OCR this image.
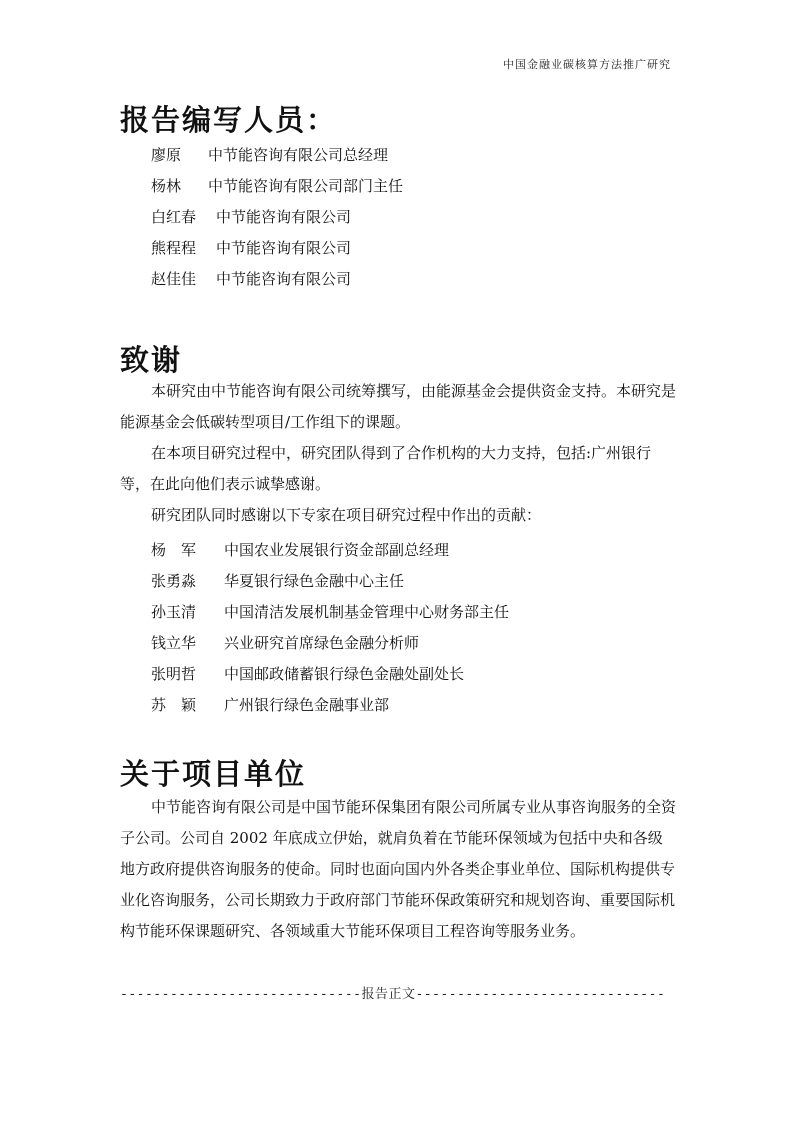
中国金融业碳核算方法推广研究
报告编写人员：
廖原 中节能咨询有限公司总经理
杨林 中节能咨询有限公司部门主任
白红春 中节能咨询有限公司
熊程程 中节能咨询有限公司
赵佳佳 中节能咨询有限公司
致谢

本研究由中节能咨询有限公司统筹撰写，由能源基金会提供资金支持。本研究是能源基金会低碳转型项目/工作组下的课题。

在本项目研究过程中，研究团队得到了合作机构的大力支持，包括:广州银行等，在此向他们表示诚挚感谢。

研究团队同时感谢以下专家在项目研究过程中作出的贡献：

杨　军 中国农业发展银行资金部副总经理
张勇淼 华夏银行绿色金融中心主任
孙玉清 中国清洁发展机制基金管理中心财务部主任
钱立华 兴业研究首席绿色金融分析师
张明哲 中国邮政储蓄银行绿色金融处副处长
苏　颖 广州银行绿色金融事业部
关于项目单位

中节能咨询有限公司是中国节能环保集团有限公司所属专业从事咨询服务的全资子公司。公司自 2002 年底成立伊始，就肩负着在节能环保领域为包括中央和各级地方政府提供咨询服务的使命。同时也面向国内外各类企事业单位、国际机构提供专业化咨询服务，公司长期致力于政府部门节能环保政策研究和规划咨询、重要国际机构节能环保课题研究、各领域重大节能环保项目工程咨询等服务业务。

-----------------------------报告正文------------------------------
